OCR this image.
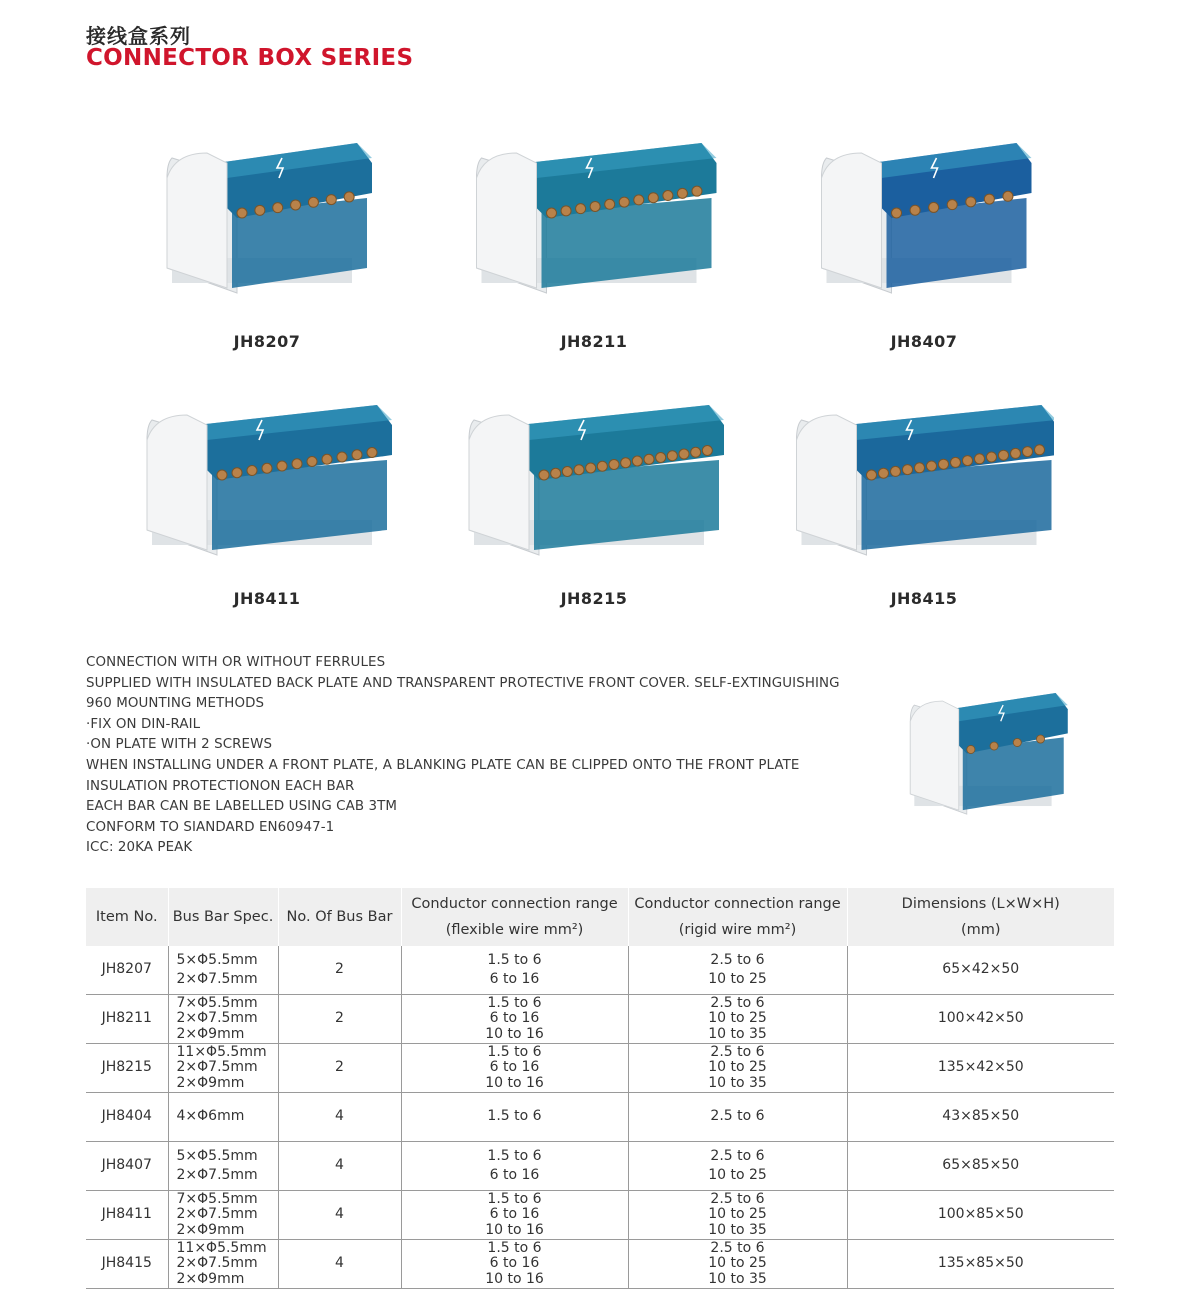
接线盒系列
CONNECTOR BOX SERIES
JH8207	JH8211	JH8407
JH8411	JH8215	JH8415
CONNECTION WITH OR WITHOUT FERRULES
SUPPLIED WITH INSULATED BACK PLATE AND TRANSPARENT PROTECTIVE FRONT COVER. SELF-EXTINGUISHING
960 MOUNTING METHODS
·FIX ON DIN-RAIL
·ON PLATE WITH 2 SCREWS
WHEN INSTALLING UNDER A FRONT PLATE, A BLANKING PLATE CAN BE CLIPPED ONTO THE FRONT PLATE
INSULATION PROTECTIONON EACH BAR
EACH BAR CAN BE LABELLED USING CAB 3TM
CONFORM TO SIANDARD EN60947-1
ICC: 20KA PEAK
Item No.	Bus Bar Spec.	No. Of Bus Bar	Conductor connection range
(flexible wire mm²)	Conductor connection range
(rigid wire mm²)	Dimensions (L×W×H)
(mm)

JH8207	5×Φ5.5mm
2×Φ7.5mm	2	1.5 to 6
6 to 16	2.5 to 6
10 to 25	65×42×50
JH8211	7×Φ5.5mm
2×Φ7.5mm
2×Φ9mm	2	1.5 to 6
6 to 16
10 to 16	2.5 to 6
10 to 25
10 to 35	100×42×50
JH8215	11×Φ5.5mm
2×Φ7.5mm
2×Φ9mm	2	1.5 to 6
6 to 16
10 to 16	2.5 to 6
10 to 25
10 to 35	135×42×50
JH8404	4×Φ6mm	4	1.5 to 6	2.5 to 6	43×85×50
JH8407	5×Φ5.5mm
2×Φ7.5mm	4	1.5 to 6
6 to 16	2.5 to 6
10 to 25	65×85×50
JH8411	7×Φ5.5mm
2×Φ7.5mm
2×Φ9mm	4	1.5 to 6
6 to 16
10 to 16	2.5 to 6
10 to 25
10 to 35	100×85×50
JH8415	11×Φ5.5mm
2×Φ7.5mm
2×Φ9mm	4	1.5 to 6
6 to 16
10 to 16	2.5 to 6
10 to 25
10 to 35	135×85×50
